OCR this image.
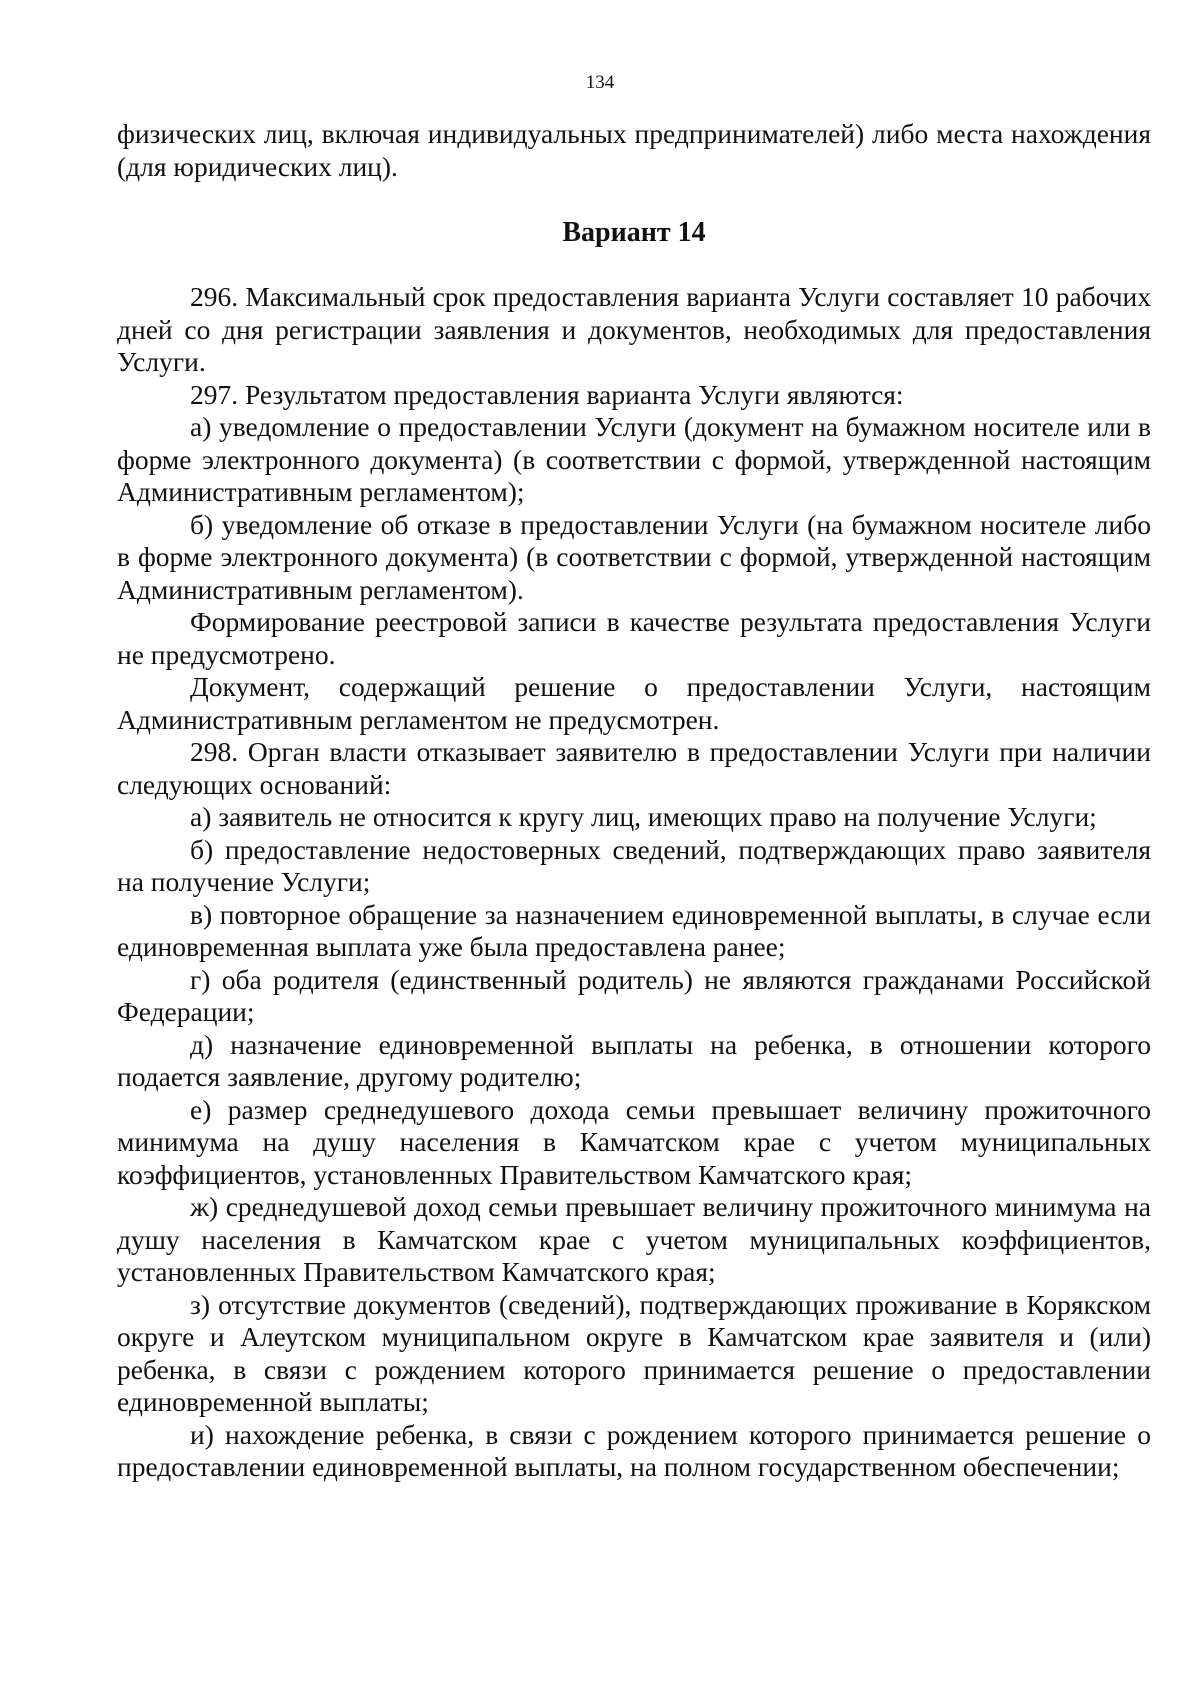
134

физических лиц, включая индивидуальных предпринимателей) либо места нахождения (для юридических лиц).

Вариант 14

296. Максимальный срок предоставления варианта Услуги составляет 10 рабочих дней со дня регистрации заявления и документов, необходимых для предоставления Услуги.

297. Результатом предоставления варианта Услуги являются:

а) уведомление о предоставлении Услуги (документ на бумажном носителе или в форме электронного документа) (в соответствии с формой, утвержденной настоящим Административным регламентом);

б) уведомление об отказе в предоставлении Услуги (на бумажном носителе либо в форме электронного документа) (в соответствии с формой, утвержденной настоящим Административным регламентом).

Формирование реестровой записи в качестве результата предоставления Услуги не предусмотрено.

Документ, содержащий решение о предоставлении Услуги, настоящим Административным регламентом не предусмотрен.

298. Орган власти отказывает заявителю в предоставлении Услуги при наличии следующих оснований:

а) заявитель не относится к кругу лиц, имеющих право на получение Услуги;

б) предоставление недостоверных сведений, подтверждающих право заявителя на получение Услуги;

в) повторное обращение за назначением единовременной выплаты, в случае если единовременная выплата уже была предоставлена ранее;

г) оба родителя (единственный родитель) не являются гражданами Российской Федерации;

д) назначение единовременной выплаты на ребенка, в отношении которого подается заявление, другому родителю;

е) размер среднедушевого дохода семьи превышает величину прожиточного минимума на душу населения в Камчатском крае с учетом муниципальных коэффициентов, установленных Правительством Камчатского края;

ж) среднедушевой доход семьи превышает величину прожиточного минимума на душу населения в Камчатском крае с учетом муниципальных коэффициентов, установленных Правительством Камчатского края;

з) отсутствие документов (сведений), подтверждающих проживание в Корякском округе и Алеутском муниципальном округе в Камчатском крае заявителя и (или) ребенка, в связи с рождением которого принимается решение о предоставлении единовременной выплаты;

и) нахождение ребенка, в связи с рождением которого принимается решение о предоставлении единовременной выплаты, на полном государственном обеспечении;
